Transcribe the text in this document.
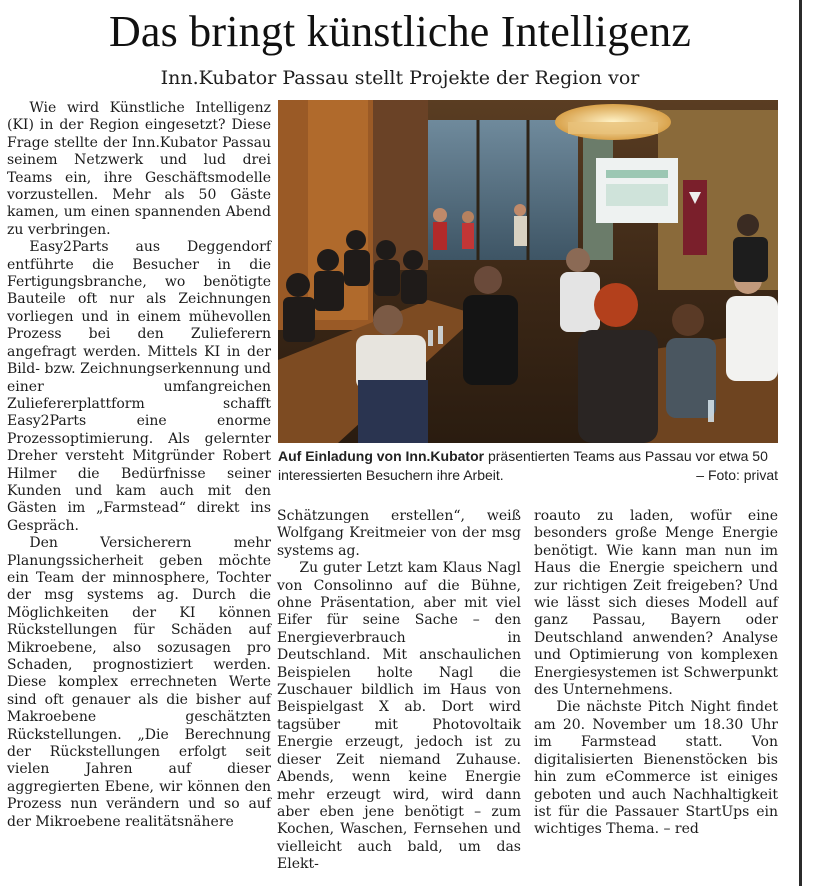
Das bringt künstliche Intelligenz
Inn.Kubator Passau stellt Projekte der Region vor

Wie wird Künstliche Intelligenz (KI) in der Region eingesetzt? Diese Frage stellte der Inn.Kubator Passau seinem Netzwerk und lud drei Teams ein, ihre Geschäftsmodelle vorzustellen. Mehr als 50 Gäste kamen, um einen spannenden Abend zu verbringen.

Easy2Parts aus Deggendorf entführte die Besucher in die Fertigungsbranche, wo benötigte Bauteile oft nur als Zeichnungen vorliegen und in einem mühevollen Prozess bei den Zulieferern angefragt werden. Mittels KI in der Bild- bzw. Zeichnungserkennung und einer umfangreichen Zuliefererplattform schafft Easy2Parts eine enorme Prozessoptimierung. Als gelernter Dreher versteht Mitgründer Robert Hilmer die Bedürfnisse seiner Kunden und kam auch mit den Gästen im „Farmstead“ direkt ins Gespräch.

Den Versicherern mehr Planungssicherheit geben möchte ein Team der minnosphere, Tochter der msg systems ag. Durch die Möglichkeiten der KI können Rückstellungen für Schäden auf Mikroebene, also sozusagen pro Schaden, prognostiziert werden. Diese komplex errechneten Werte sind oft genauer als die bisher auf Makroebene geschätzten Rückstellungen. „Die Berechnung der Rückstellungen erfolgt seit vielen Jahren auf dieser aggregierten Ebene, wir können den Prozess nun verändern und so auf der Mikroebene realitätsnähere

Auf Einladung von Inn.Kubator präsentierten Teams aus Passau vor etwa 50 interessierten Besuchern ihre Arbeit.	– Foto: privat

Schätzungen erstellen“, weiß Wolfgang Kreitmeier von der msg systems ag.

Zu guter Letzt kam Klaus Nagl von Consolinno auf die Bühne, ohne Präsentation, aber mit viel Eifer für seine Sache – den Energieverbrauch in Deutschland. Mit anschaulichen Beispielen holte Nagl die Zuschauer bildlich im Haus von Beispielgast X ab. Dort wird tagsüber mit Photovoltaik Energie erzeugt, jedoch ist zu dieser Zeit niemand Zuhause. Abends, wenn keine Energie mehr erzeugt wird, wird dann aber eben jene benötigt – zum Kochen, Waschen, Fernsehen und vielleicht auch bald, um das Elekt-

roauto zu laden, wofür eine besonders große Menge Energie benötigt. Wie kann man nun im Haus die Energie speichern und zur richtigen Zeit freigeben? Und wie lässt sich dieses Modell auf ganz Passau, Bayern oder Deutschland anwenden? Analyse und Optimierung von komplexen Energiesystemen ist Schwerpunkt des Unternehmens.

Die nächste Pitch Night findet am 20. November um 18.30 Uhr im Farmstead statt. Von digitalisierten Bienenstöcken bis hin zum eCommerce ist einiges geboten und auch Nachhaltigkeit ist für die Passauer StartUps ein wichtiges Thema. – red
